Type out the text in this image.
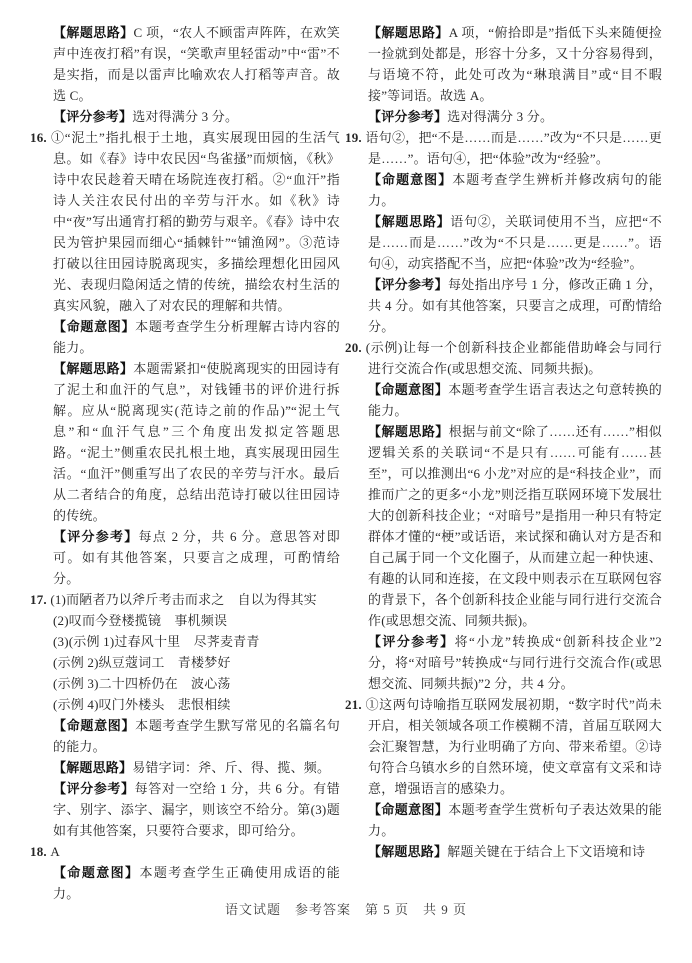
【解题思路】C 项，“农人不顾雷声阵阵，在欢笑声中连夜打稻”有误，“笑歌声里轻雷动”中“雷”不是实指，而是以雷声比喻欢农人打稻等声音。故选 C。

【评分参考】选对得满分 3 分。

16. ①“泥土”指扎根于土地，真实展现田园的生活气息。如《春》诗中农民因“鸟雀搔”而烦恼，《秋》诗中农民趁着天晴在场院连夜打稻。②“血汗”指诗人关注农民付出的辛劳与汗水。如《秋》诗中“夜”写出通宵打稻的勤劳与艰辛。《春》诗中农民为管护果园而细心“插棘针”“铺渔网”。③范诗打破以往田园诗脱离现实，多描绘理想化田园风光、表现归隐闲适之情的传统，描绘农村生活的真实风貌，融入了对农民的理解和共情。

【命题意图】本题考查学生分析理解古诗内容的能力。

【解题思路】本题需紧扣“使脱离现实的田园诗有了泥土和血汗的气息”，对钱锺书的评价进行拆解。应从“脱离现实(范诗之前的作品)”“泥土气息”和“血汗气息”三个角度出发拟定答题思路。“泥土”侧重农民扎根土地，真实展现田园生活。“血汗”侧重写出了农民的辛劳与汗水。最后从二者结合的角度，总结出范诗打破以往田园诗的传统。

【评分参考】每点 2 分，共 6 分。意思答对即可。如有其他答案，只要言之成理，可酌情给分。

17. (1)而陋者乃以斧斤考击而求之　自以为得其实

(2)叹而今登楼揽镜　事机频误

(3)(示例 1)过春风十里　尽荠麦青青

(示例 2)纵豆蔻词工　青楼梦好

(示例 3)二十四桥仍在　波心荡

(示例 4)叹门外楼头　悲恨相续

【命题意图】本题考查学生默写常见的名篇名句的能力。

【解题思路】易错字词：斧、斤、得、揽、频。

【评分参考】每答对一空给 1 分，共 6 分。有错字、别字、添字、漏字，则该空不给分。第(3)题如有其他答案，只要符合要求，即可给分。

18. A

【命题意图】本题考查学生正确使用成语的能力。

【解题思路】A 项，“俯拾即是”指低下头来随便捡一捡就到处都是，形容十分多，又十分容易得到，与语境不符，此处可改为“琳琅满目”或“目不暇接”等词语。故选 A。

【评分参考】选对得满分 3 分。

19. 语句②，把“不是……而是……”改为“不只是……更是……”。语句④，把“体验”改为“经验”。

【命题意图】本题考查学生辨析并修改病句的能力。

【解题思路】语句②，关联词使用不当，应把“不是……而是……”改为“不只是……更是……”。语句④，动宾搭配不当，应把“体验”改为“经验”。

【评分参考】每处指出序号 1 分，修改正确 1 分，共 4 分。如有其他答案，只要言之成理，可酌情给分。

20. (示例)让每一个创新科技企业都能借助峰会与同行进行交流合作(或思想交流、同频共振)。

【命题意图】本题考查学生语言表达之句意转换的能力。

【解题思路】根据与前文“除了……还有……”相似逻辑关系的关联词“不是只有……可能有……甚至”，可以推测出“6 小龙”对应的是“科技企业”，而推而广之的更多“小龙”则泛指互联网环境下发展壮大的创新科技企业；“对暗号”是指用一种只有特定群体才懂的“梗”或话语，来试探和确认对方是否和自己属于同一个文化圈子，从而建立起一种快速、有趣的认同和连接，在文段中则表示在互联网包容的背景下，各个创新科技企业能与同行进行交流合作(或思想交流、同频共振)。

【评分参考】将“小龙”转换成“创新科技企业”2 分，将“对暗号”转换成“与同行进行交流合作(或思想交流、同频共振)”2 分，共 4 分。

21. ①这两句诗喻指互联网发展初期，“数字时代”尚未开启，相关领域各项工作模糊不清，首届互联网大会汇聚智慧，为行业明确了方向、带来希望。②诗句符合乌镇水乡的自然环境，使文章富有文采和诗意，增强语言的感染力。

【命题意图】本题考查学生赏析句子表达效果的能力。

【解题思路】解题关键在于结合上下文语境和诗

语文试题　参考答案　第 5 页　共 9 页
